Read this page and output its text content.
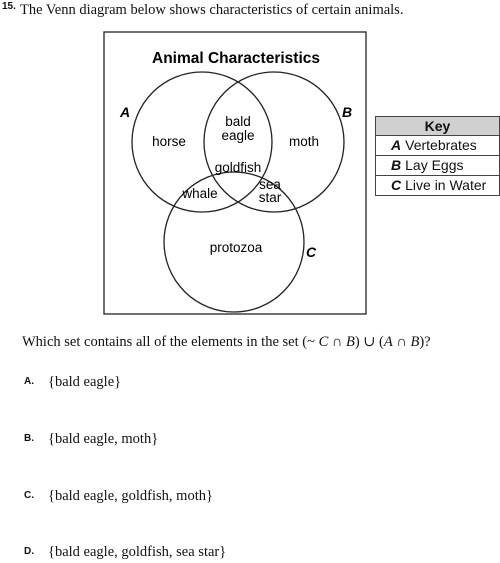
15. The Venn diagram below shows characteristics of certain animals.
Animal Characteristics
A	B
C
horse
bald
eagle	moth
goldfish
whale
sea
star
protozoa
Key
A Vertebrates
B Lay Eggs
C Live in Water
Which set contains all of the elements in the set (~ C ∩ B) ∪ (A ∩ B)?
A. {bald eagle}
B. {bald eagle, moth}
C. {bald eagle, goldfish, moth}
D. {bald eagle, goldfish, sea star}
